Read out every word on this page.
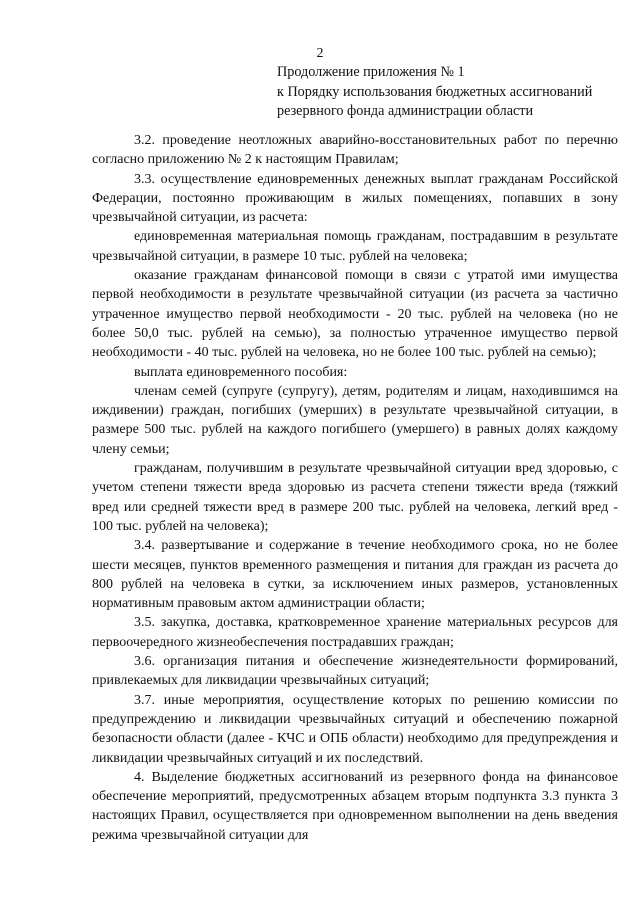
2
Продолжение приложения № 1
к Порядку использования бюджетных ассигнований
резервного фонда администрации области

3.2. проведение неотложных аварийно-восстановительных работ по перечню согласно приложению № 2 к настоящим Правилам;

3.3. осуществление единовременных денежных выплат гражданам Российской Федерации, постоянно проживающим в жилых помещениях, попавших в зону чрезвычайной ситуации, из расчета:

единовременная материальная помощь гражданам, пострадавшим в результате чрезвычайной ситуации, в размере 10 тыс. рублей на человека;

оказание гражданам финансовой помощи в связи с утратой ими имущества первой необходимости в результате чрезвычайной ситуации (из расчета за частично утраченное имущество первой необходимости - 20 тыс. рублей на человека (но не более 50,0 тыс. рублей на семью), за полностью утраченное имущество первой необходимости - 40 тыс. рублей на человека, но не более 100 тыс. рублей на семью);

выплата единовременного пособия:

членам семей (супруге (супругу), детям, родителям и лицам, находившимся на иждивении) граждан, погибших (умерших) в результате чрезвычайной ситуации, в размере 500 тыс. рублей на каждого погибшего (умершего) в равных долях каждому члену семьи;

гражданам, получившим в результате чрезвычайной ситуации вред здоровью, с учетом степени тяжести вреда здоровью из расчета степени тяжести вреда (тяжкий вред или средней тяжести вред в размере 200 тыс. рублей на человека, легкий вред - 100 тыс. рублей на человека);

3.4. развертывание и содержание в течение необходимого срока, но не более шести месяцев, пунктов временного размещения и питания для граждан из расчета до 800 рублей на человека в сутки, за исключением иных размеров, установленных нормативным правовым актом администрации области;

3.5. закупка, доставка, кратковременное хранение материальных ресурсов для первоочередного жизнеобеспечения пострадавших граждан;

3.6. организация питания и обеспечение жизнедеятельности формирований, привлекаемых для ликвидации чрезвычайных ситуаций;

3.7. иные мероприятия, осуществление которых по решению комиссии по предупреждению и ликвидации чрезвычайных ситуаций и обеспечению пожарной безопасности области (далее - КЧС и ОПБ области) необходимо для предупреждения и ликвидации чрезвычайных ситуаций и их последствий.

4. Выделение бюджетных ассигнований из резервного фонда на финансовое обеспечение мероприятий, предусмотренных абзацем вторым подпункта 3.3 пункта 3 настоящих Правил, осуществляется при одновременном выполнении на день введения режима чрезвычайной ситуации для
